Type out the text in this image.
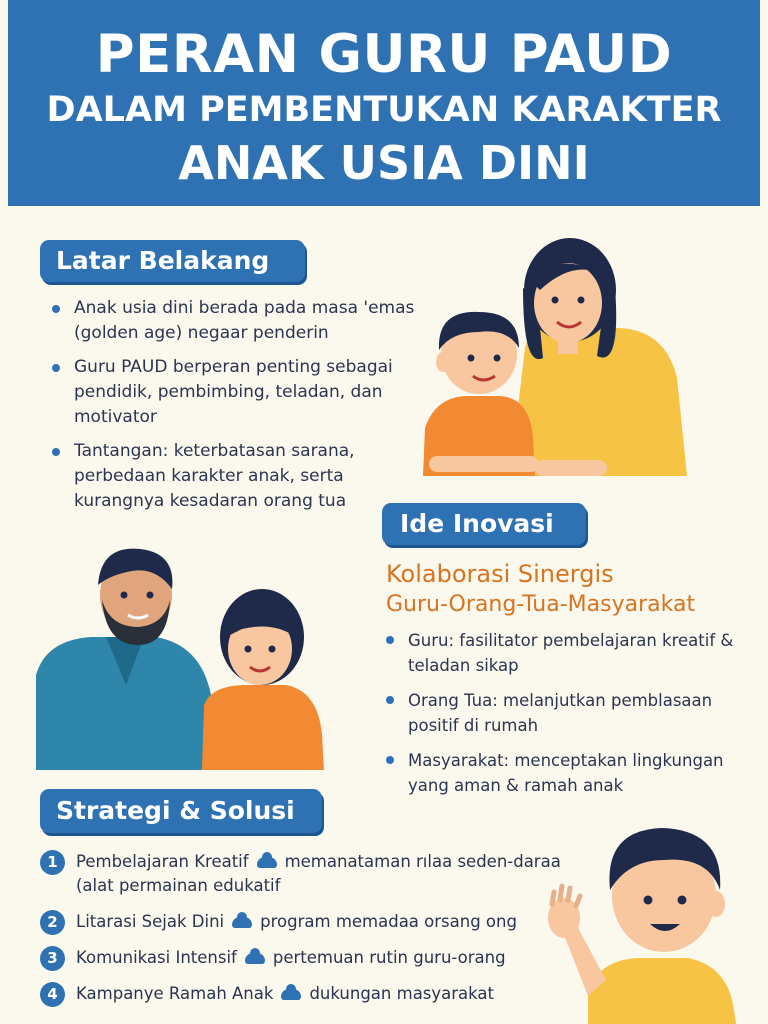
PERAN GURU PAUD
DALAM PEMBENTUKAN KARAKTER
ANAK USIA DINI
Latar Belakang
Anak usia dini berada pada masa 'emas (golden age) negaar penderin
Guru PAUD berperan penting sebagai pendidik, pembimbing, teladan, dan motivator
Tantangan: keterbatasan sarana, perbedaan karakter anak, serta kurangnya kesadaran orang tua
Ide Inovasi
Kolaborasi Sinergis
Guru-Orang-Tua-Masyarakat
Guru: fasilitator pembelajaran kreatif & teladan sikap
Orang Tua: melanjutkan pemblasaan positif di rumah
Masyarakat: menceptakan lingkungan yang aman & ramah anak
Strategi & Solusi
1	Pembelajaran Kreatif memanataman rılaa seden-daraa (alat permainan edukatif
2	Litarasi Sejak Dini program memadaa orsang ong
3	Komunikasi Intensif pertemuan rutin guru-orang
4	Kampanye Ramah Anak dukungan masyarakat
